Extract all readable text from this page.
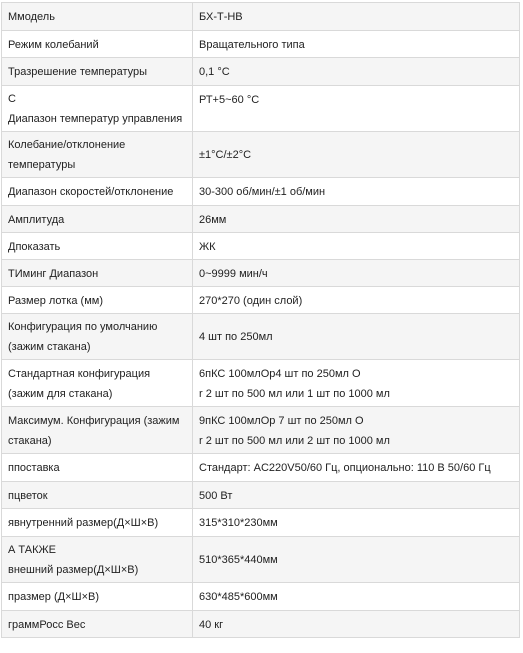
Ммодель	БХ-Т-НВ

Режим колебаний	Вращательного типа

Тразрешение температуры	0,1 °C

С
Диапазон температур управления	РТ+5~60 °C

Колебание/отклонение
температуры	±1°C/±2°C

Диапазон скоростей/отклонение	30-300 об/мин/±1 об/мин

Амплитуда	26мм

Дпоказать	ЖК

ТИминг Диапазон	0~9999 мин/ч

Размер лотка (мм)	270*270 (один слой)

Конфигурация по умолчанию
(зажим стакана)	4 шт по 250мл

Стандартная конфигурация
(зажим для стакана)	6пКС 100млОр4 шт по 250мл О
r 2 шт по 500 мл или 1 шт по 1000 мл

Максимум. Конфигурация (зажим
стакана)	9пКС 100млОр 7 шт по 250мл О
r 2 шт по 500 мл или 2 шт по 1000 мл

ппоставка	Стандарт: AC220V50/60 Гц, опционально: 110 В 50/60 Гц

пцветок	500 Вт

явнутренний размер(Д×Ш×В)	315*310*230мм

А ТАКЖЕ
внешний размер(Д×Ш×В)	510*365*440мм

празмер (Д×Ш×В)	630*485*600мм

граммРосс Вес	40 кг
